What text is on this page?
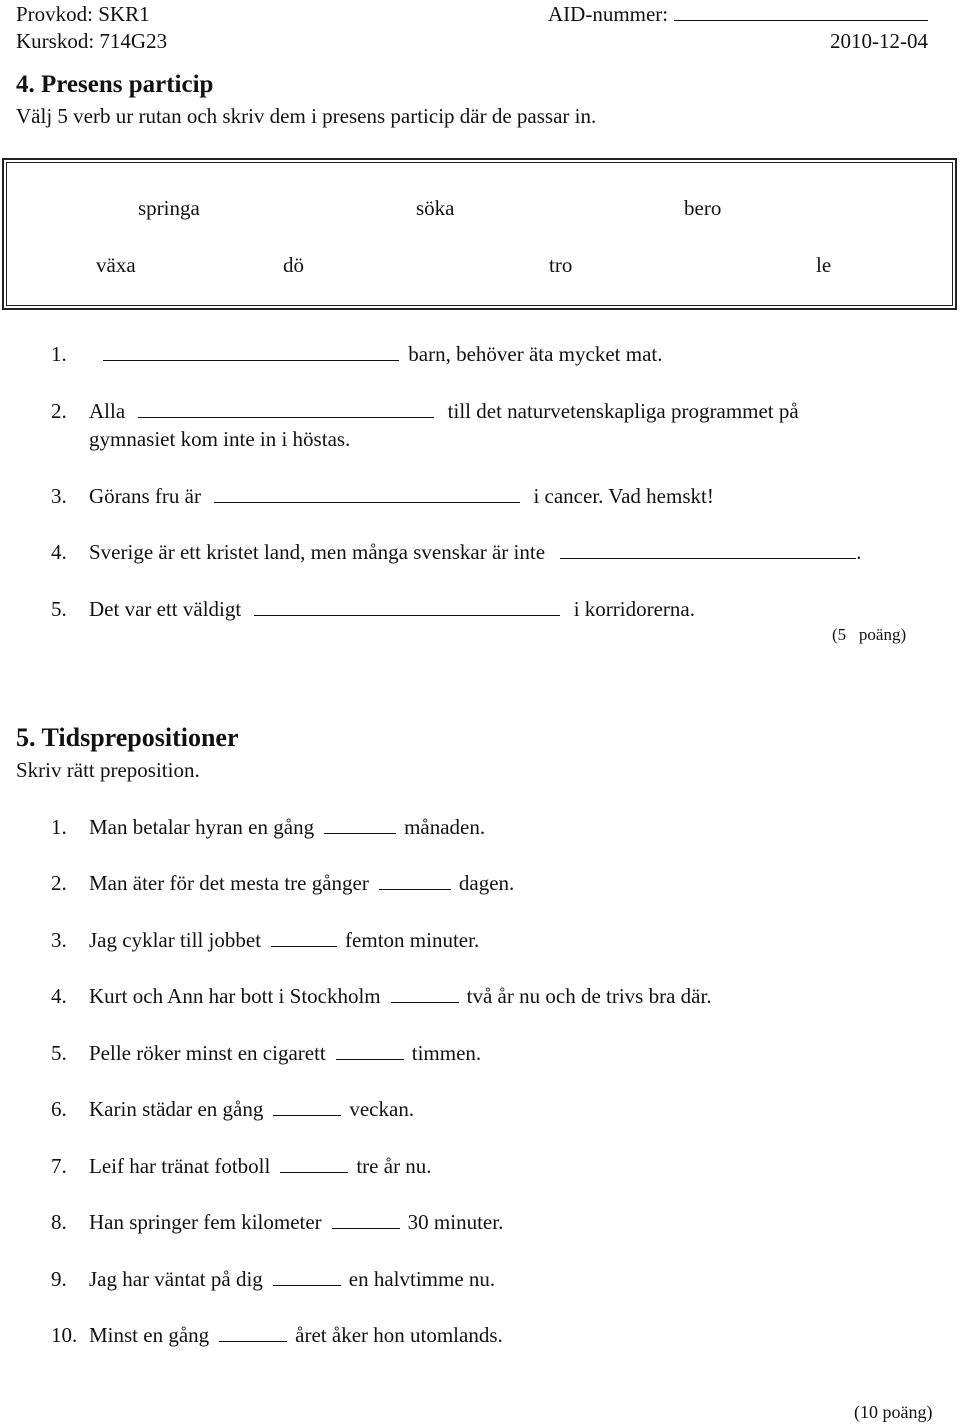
Provkod: SKR1
Kurskod: 714G23
AID-nummer:
2010-12-04
4. Presens particip
Välj 5 verb ur rutan och skriv dem i presens particip där de passar in.
springa	söka	bero
växa	dö	tro	le
1.	barn, behöver äta mycket mat.
2. Alla	till det naturvetenskapliga programmet på
gymnasiet kom inte in i höstas.
3. Görans fru är	i cancer. Vad hemskt!
4. Sverige är ett kristet land, men många svenskar är inte	.
5. Det var ett väldigt	i korridorerna.
(5   poäng)
5. Tidsprepositioner
Skriv rätt preposition.
1. Man betalar hyran en gång	månaden.
2. Man äter för det mesta tre gånger	dagen.
3. Jag cyklar till jobbet	femton minuter.
4. Kurt och Ann har bott i Stockholm	två år nu och de trivs bra där.
5. Pelle röker minst en cigarett	timmen.
6. Karin städar en gång	veckan.
7. Leif har tränat fotboll	tre år nu.
8. Han springer fem kilometer	30 minuter.
9. Jag har väntat på dig	en halvtimme nu.
10. Minst en gång	året åker hon utomlands.
(10 poäng)
